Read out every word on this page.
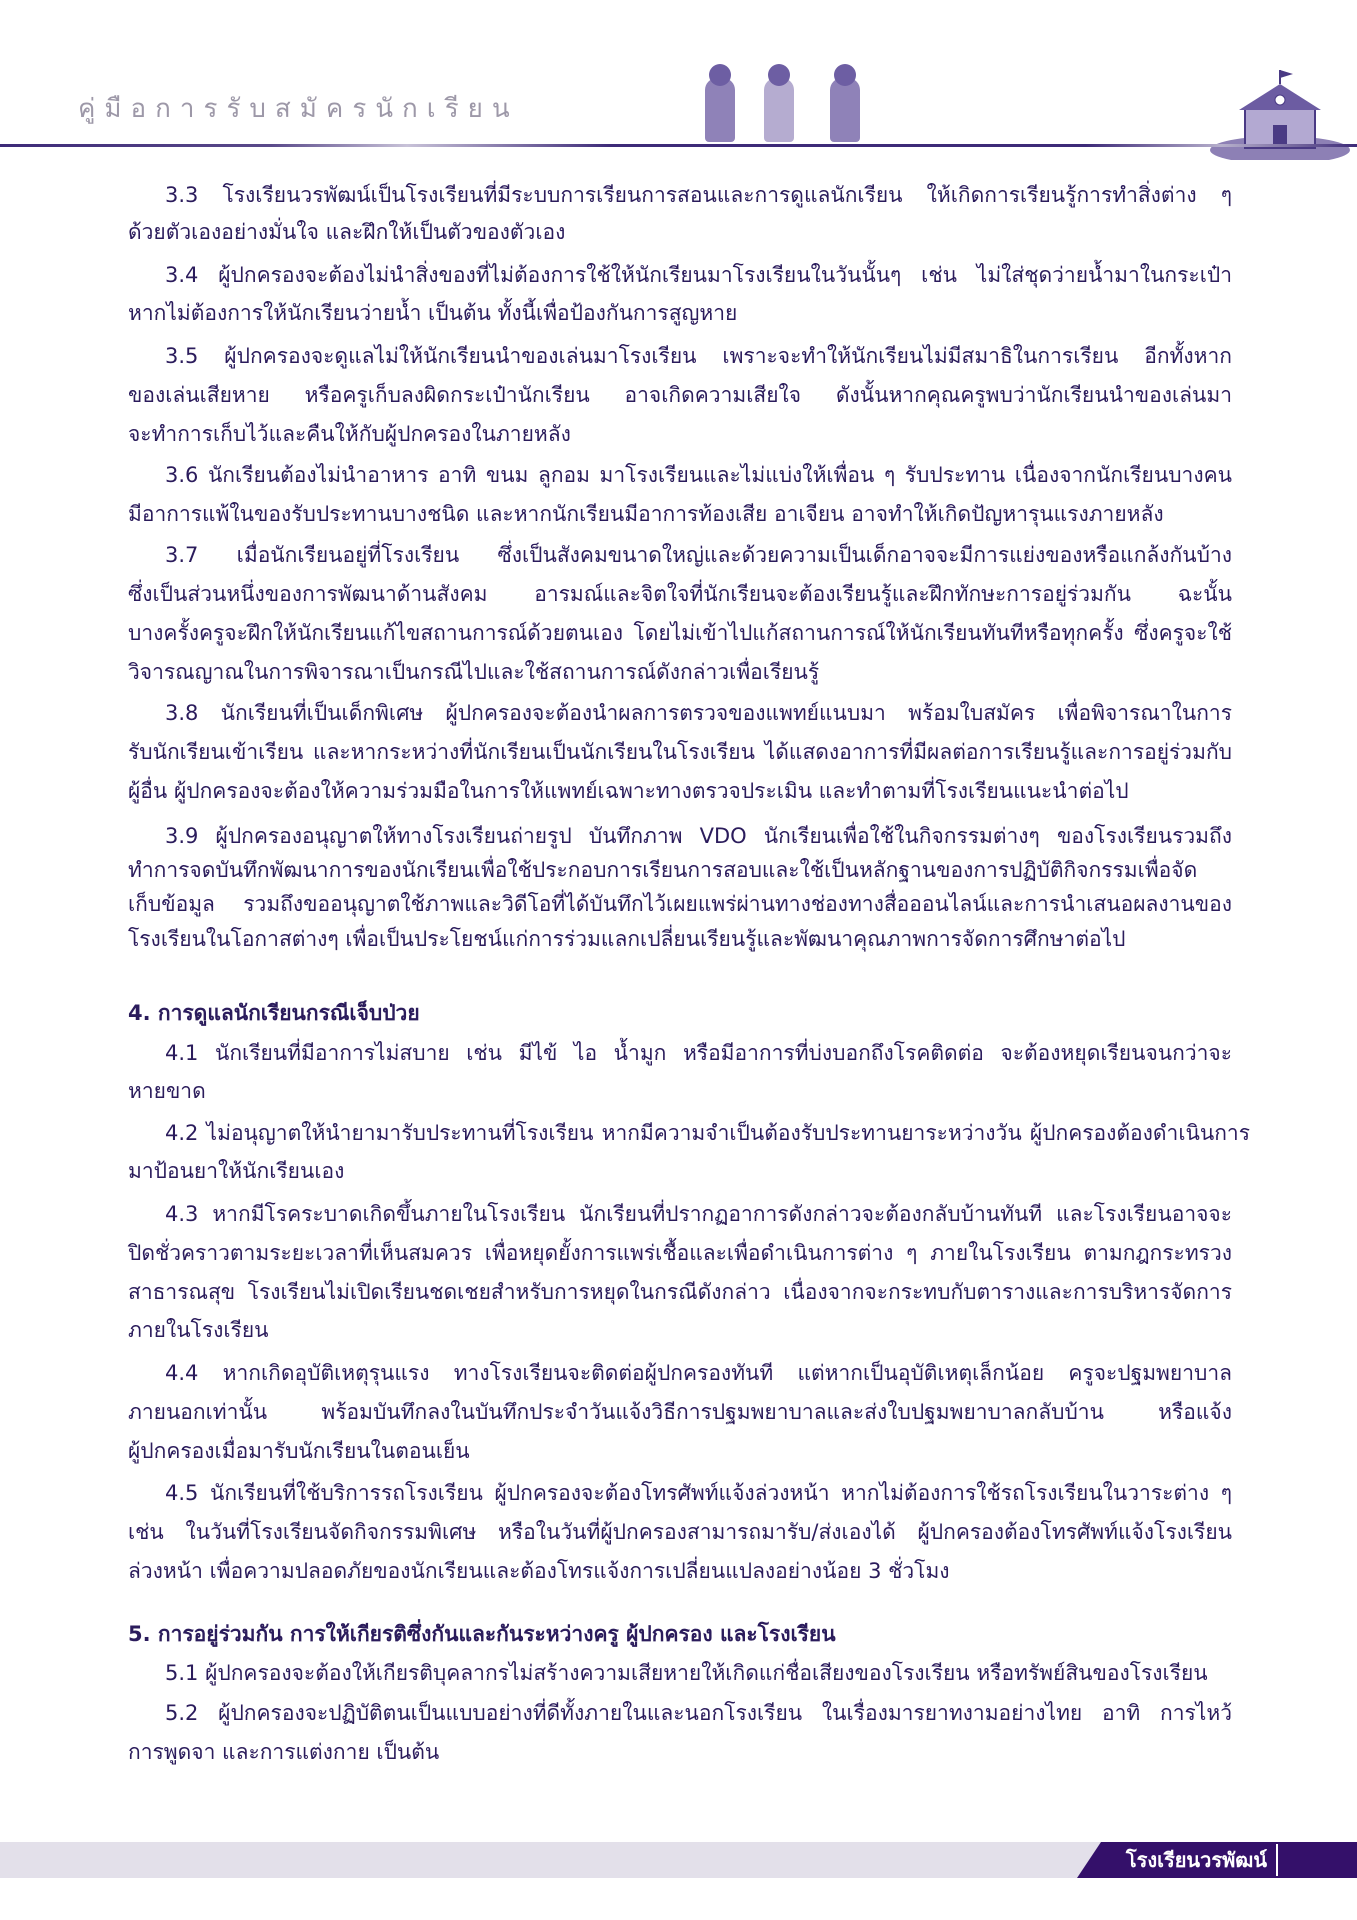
คู่มือการรับสมัครนักเรียน
3.3 โรงเรียนวรพัฒน์เป็นโรงเรียนที่มีระบบการเรียนการสอนและการดูแลนักเรียน ให้เกิดการเรียนรู้การทำสิ่งต่าง ๆ
ด้วยตัวเองอย่างมั่นใจ และฝึกให้เป็นตัวของตัวเอง
3.4 ผู้ปกครองจะต้องไม่นำสิ่งของที่ไม่ต้องการใช้ให้นักเรียนมาโรงเรียนในวันนั้นๆ เช่น ไม่ใส่ชุดว่ายน้ำมาในกระเป๋า
หากไม่ต้องการให้นักเรียนว่ายน้ำ เป็นต้น ทั้งนี้เพื่อป้องกันการสูญหาย
3.5 ผู้ปกครองจะดูแลไม่ให้นักเรียนนำของเล่นมาโรงเรียน เพราะจะทำให้นักเรียนไม่มีสมาธิในการเรียน อีกทั้งหาก
ของเล่นเสียหาย หรือครูเก็บลงผิดกระเป๋านักเรียน อาจเกิดความเสียใจ ดังนั้นหากคุณครูพบว่านักเรียนนำของเล่นมา
จะทำการเก็บไว้และคืนให้กับผู้ปกครองในภายหลัง
3.6 นักเรียนต้องไม่นำอาหาร อาทิ ขนม ลูกอม มาโรงเรียนและไม่แบ่งให้เพื่อน ๆ รับประทาน เนื่องจากนักเรียนบางคน
มีอาการแพ้ในของรับประทานบางชนิด และหากนักเรียนมีอาการท้องเสีย อาเจียน อาจทำให้เกิดปัญหารุนแรงภายหลัง
3.7 เมื่อนักเรียนอยู่ที่โรงเรียน ซึ่งเป็นสังคมขนาดใหญ่และด้วยความเป็นเด็กอาจจะมีการแย่งของหรือแกล้งกันบ้าง
ซึ่งเป็นส่วนหนึ่งของการพัฒนาด้านสังคม อารมณ์และจิตใจที่นักเรียนจะต้องเรียนรู้และฝึกทักษะการอยู่ร่วมกัน ฉะนั้น
บางครั้งครูจะฝึกให้นักเรียนแก้ไขสถานการณ์ด้วยตนเอง โดยไม่เข้าไปแก้สถานการณ์ให้นักเรียนทันทีหรือทุกครั้ง ซึ่งครูจะใช้
วิจารณญาณในการพิจารณาเป็นกรณีไปและใช้สถานการณ์ดังกล่าวเพื่อเรียนรู้
3.8 นักเรียนที่เป็นเด็กพิเศษ ผู้ปกครองจะต้องนำผลการตรวจของแพทย์แนบมา พร้อมใบสมัคร เพื่อพิจารณาในการ
รับนักเรียนเข้าเรียน และหากระหว่างที่นักเรียนเป็นนักเรียนในโรงเรียน ได้แสดงอาการที่มีผลต่อการเรียนรู้และการอยู่ร่วมกับ
ผู้อื่น ผู้ปกครองจะต้องให้ความร่วมมือในการให้แพทย์เฉพาะทางตรวจประเมิน และทำตามที่โรงเรียนแนะนำต่อไป
3.9 ผู้ปกครองอนุญาตให้ทางโรงเรียนถ่ายรูป บันทึกภาพ VDO นักเรียนเพื่อใช้ในกิจกรรมต่างๆ ของโรงเรียนรวมถึง
ทำการจดบันทึกพัฒนาการของนักเรียนเพื่อใช้ประกอบการเรียนการสอบและใช้เป็นหลักฐานของการปฏิบัติกิจกรรมเพื่อจัด
เก็บข้อมูล รวมถึงขออนุญาตใช้ภาพและวิดีโอที่ได้บันทึกไว้เผยแพร่ผ่านทางช่องทางสื่อออนไลน์และการนำเสนอผลงานของ
โรงเรียนในโอกาสต่างๆ เพื่อเป็นประโยชน์แก่การร่วมแลกเปลี่ยนเรียนรู้และพัฒนาคุณภาพการจัดการศึกษาต่อไป
4. การดูแลนักเรียนกรณีเจ็บป่วย
4.1 นักเรียนที่มีอาการไม่สบาย เช่น มีไข้ ไอ น้ำมูก หรือมีอาการที่บ่งบอกถึงโรคติดต่อ จะต้องหยุดเรียนจนกว่าจะ
หายขาด
4.2 ไม่อนุญาตให้นำยามารับประทานที่โรงเรียน หากมีความจำเป็นต้องรับประทานยาระหว่างวัน ผู้ปกครองต้องดำเนินการ
มาป้อนยาให้นักเรียนเอง
4.3 หากมีโรคระบาดเกิดขึ้นภายในโรงเรียน นักเรียนที่ปรากฏอาการดังกล่าวจะต้องกลับบ้านทันที และโรงเรียนอาจจะ
ปิดชั่วคราวตามระยะเวลาที่เห็นสมควร เพื่อหยุดยั้งการแพร่เชื้อและเพื่อดำเนินการต่าง ๆ ภายในโรงเรียน ตามกฎกระทรวง
สาธารณสุข โรงเรียนไม่เปิดเรียนชดเชยสำหรับการหยุดในกรณีดังกล่าว เนื่องจากจะกระทบกับตารางและการบริหารจัดการ
ภายในโรงเรียน
4.4 หากเกิดอุบัติเหตุรุนแรง ทางโรงเรียนจะติดต่อผู้ปกครองทันที แต่หากเป็นอุบัติเหตุเล็กน้อย ครูจะปฐมพยาบาล
ภายนอกเท่านั้น พร้อมบันทึกลงในบันทึกประจำวันแจ้งวิธีการปฐมพยาบาลและส่งใบปฐมพยาบาลกลับบ้าน หรือแจ้ง
ผู้ปกครองเมื่อมารับนักเรียนในตอนเย็น
4.5 นักเรียนที่ใช้บริการรถโรงเรียน ผู้ปกครองจะต้องโทรศัพท์แจ้งล่วงหน้า หากไม่ต้องการใช้รถโรงเรียนในวาระต่าง ๆ
เช่น ในวันที่โรงเรียนจัดกิจกรรมพิเศษ หรือในวันที่ผู้ปกครองสามารถมารับ/ส่งเองได้ ผู้ปกครองต้องโทรศัพท์แจ้งโรงเรียน
ล่วงหน้า เพื่อความปลอดภัยของนักเรียนและต้องโทรแจ้งการเปลี่ยนแปลงอย่างน้อย 3 ชั่วโมง
5. การอยู่ร่วมกัน การให้เกียรติซึ่งกันและกันระหว่างครู ผู้ปกครอง และโรงเรียน
5.1 ผู้ปกครองจะต้องให้เกียรติบุคลากรไม่สร้างความเสียหายให้เกิดแก่ชื่อเสียงของโรงเรียน หรือทรัพย์สินของโรงเรียน
5.2 ผู้ปกครองจะปฏิบัติตนเป็นแบบอย่างที่ดีทั้งภายในและนอกโรงเรียน ในเรื่องมารยาทงามอย่างไทย อาทิ การไหว้
การพูดจา และการแต่งกาย เป็นต้น
โรงเรียนวรพัฒน์
